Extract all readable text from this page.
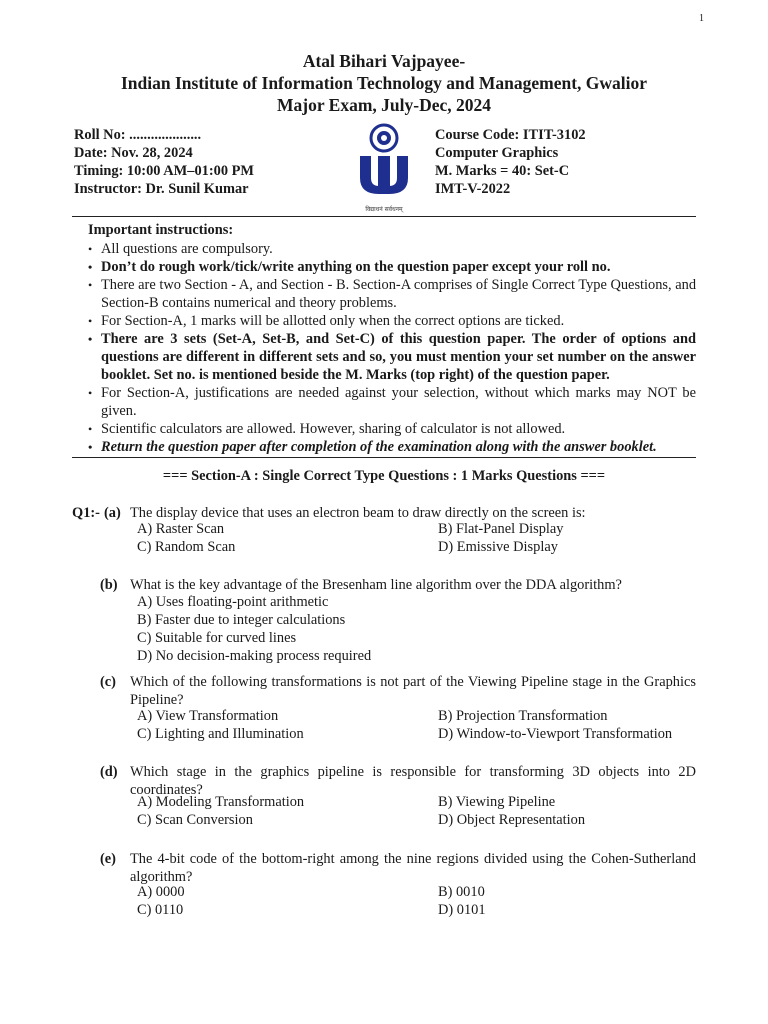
1
Atal Bihari Vajpayee-
Indian Institute of Information Technology and Management, Gwalior
Major Exam, July-Dec, 2024
Roll No: ....................
Date: Nov. 28, 2024
Timing: 10:00 AM–01:00 PM
Instructor: Dr. Sunil Kumar
विद्याधनं सर्वधनम्
Course Code: ITIT-3102
Computer Graphics
M. Marks = 40: Set-C
IMT-V-2022
Important instructions:
• All questions are compulsory.
• Don’t do rough work/tick/write anything on the question paper except your roll no.
• There are two Section - A, and Section - B. Section-A comprises of Single Correct Type Questions, and Section-B contains numerical and theory problems.
• For Section-A, 1 marks will be allotted only when the correct options are ticked.
• There are 3 sets (Set-A, Set-B, and Set-C) of this question paper. The order of options and questions are different in different sets and so, you must mention your set number on the answer booklet. Set no. is mentioned beside the M. Marks (top right) of the question paper.
• For Section-A, justifications are needed against your selection, without which marks may NOT be given.
• Scientific calculators are allowed. However, sharing of calculator is not allowed.
• Return the question paper after completion of the examination along with the answer booklet.
=== Section-A : Single Correct Type Questions : 1 Marks Questions ===
Q1:- (a) The display device that uses an electron beam to draw directly on the screen is:
A) Raster Scan
C) Random Scan
B) Flat-Panel Display
D) Emissive Display
(b) What is the key advantage of the Bresenham line algorithm over the DDA algorithm?
A) Uses floating-point arithmetic
B) Faster due to integer calculations
C) Suitable for curved lines
D) No decision-making process required
(c) Which of the following transformations is not part of the Viewing Pipeline stage in the Graphics Pipeline?
A) View Transformation
C) Lighting and Illumination
B) Projection Transformation
D) Window-to-Viewport Transformation
(d) Which stage in the graphics pipeline is responsible for transforming 3D objects into 2D coordinates?
A) Modeling Transformation
C) Scan Conversion
B) Viewing Pipeline
D) Object Representation
(e) The 4-bit code of the bottom-right among the nine regions divided using the Cohen-Sutherland algorithm?
A) 0000
C) 0110
B) 0010
D) 0101
